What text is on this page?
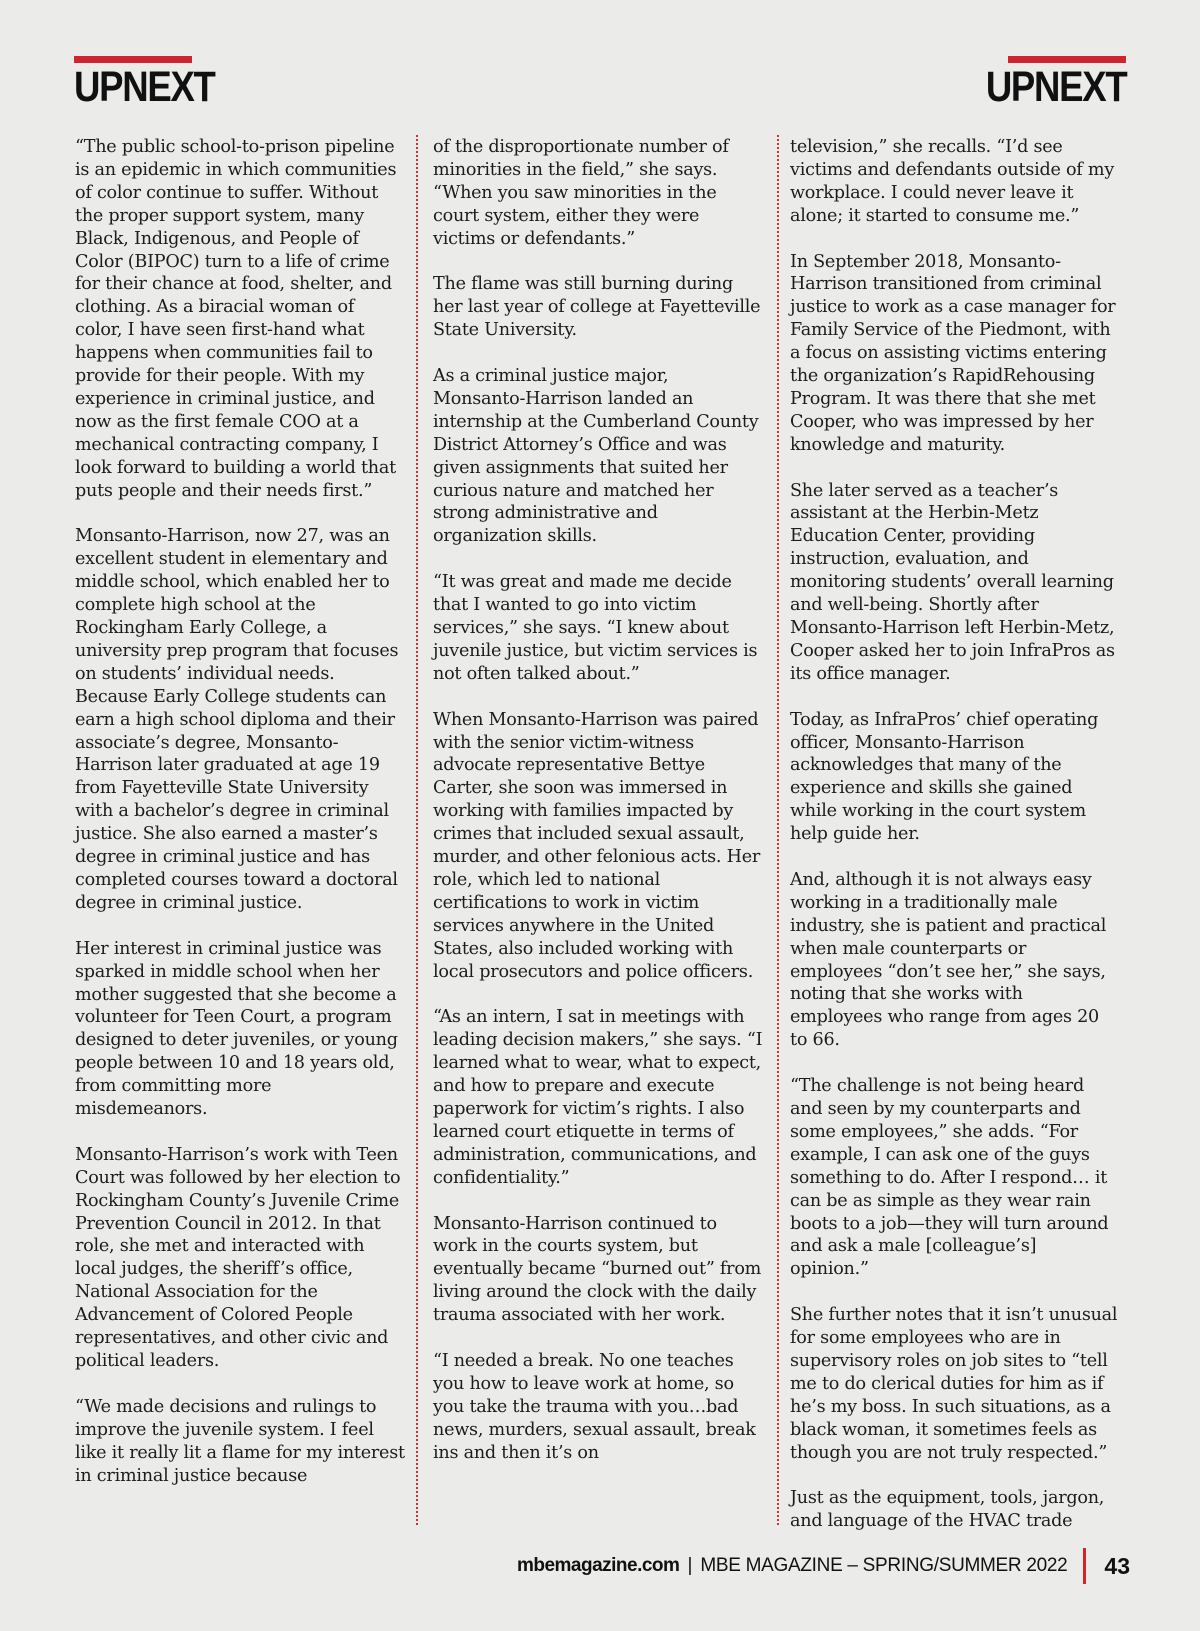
UPNEXT	UPNEXT

“The public school-to-prison pipeline is an epidemic in which communities of color continue to suffer. Without the proper support system, many Black, Indigenous, and People of Color (BIPOC) turn to a life of crime for their chance at food, shelter, and clothing. As a biracial woman of color, I have seen first-hand what happens when communities fail to provide for their people. With my experience in criminal justice, and now as the first female COO at a mechanical contracting company, I look forward to building a world that puts people and their needs first.”

Monsanto-Harrison, now 27, was an excellent student in elementary and middle school, which enabled her to complete high school at the Rockingham Early College, a university prep program that focuses on students’ individual needs. Because Early College students can earn a high school diploma and their associate’s degree, Monsanto-Harrison later graduated at age 19 from Fayetteville State University with a bachelor’s degree in criminal justice. She also earned a master’s degree in criminal justice and has completed courses toward a doctoral degree in criminal justice.

Her interest in criminal justice was sparked in middle school when her mother suggested that she become a volunteer for Teen Court, a program designed to deter juveniles, or young people between 10 and 18 years old, from committing more misdemeanors.

Monsanto-Harrison’s work with Teen Court was followed by her election to Rockingham County’s Juvenile Crime Prevention Council in 2012. In that role, she met and interacted with local judges, the sheriff’s office, National Association for the Advancement of Colored People representatives, and other civic and political leaders.

“We made decisions and rulings to improve the juvenile system. I feel like it really lit a flame for my interest in criminal justice because

of the disproportionate number of minorities in the field,” she says. “When you saw minorities in the court system, either they were victims or defendants.”

The flame was still burning during her last year of college at Fayetteville State University.

As a criminal justice major, Monsanto-Harrison landed an internship at the Cumberland County District Attorney’s Office and was given assignments that suited her curious nature and matched her strong administrative and organization skills.

“It was great and made me decide that I wanted to go into victim services,” she says. “I knew about juvenile justice, but victim services is not often talked about.”

When Monsanto-Harrison was paired with the senior victim-witness advocate representative Bettye Carter, she soon was immersed in working with families impacted by crimes that included sexual assault, murder, and other felonious acts. Her role, which led to national certifications to work in victim services anywhere in the United States, also included working with local prosecutors and police officers.

“As an intern, I sat in meetings with leading decision makers,” she says. “I learned what to wear, what to expect, and how to prepare and execute paperwork for victim’s rights. I also learned court etiquette in terms of administration, communications, and confidentiality.”

Monsanto-Harrison continued to work in the courts system, but eventually became “burned out” from living around the clock with the daily trauma associated with her work.

“I needed a break. No one teaches you how to leave work at home, so you take the trauma with you…bad news, murders, sexual assault, break ins and then it’s on

television,” she recalls. “I’d see victims and defendants outside of my workplace. I could never leave it alone; it started to consume me.”

In September 2018, Monsanto-Harrison transitioned from criminal justice to work as a case manager for Family Service of the Piedmont, with a focus on assisting victims entering the organization’s RapidRehousing Program. It was there that she met Cooper, who was impressed by her knowledge and maturity.

She later served as a teacher’s assistant at the Herbin-Metz Education Center, providing instruction, evaluation, and monitoring students’ overall learning and well-being. Shortly after Monsanto-Harrison left Herbin-Metz, Cooper asked her to join InfraPros as its office manager.

Today, as InfraPros’ chief operating officer, Monsanto-Harrison acknowledges that many of the experience and skills she gained while working in the court system help guide her.

And, although it is not always easy working in a traditionally male industry, she is patient and practical when male counterparts or employees “don’t see her,” she says, noting that she works with employees who range from ages 20 to 66.

“The challenge is not being heard and seen by my counterparts and some employees,” she adds. “For example, I can ask one of the guys something to do. After I respond… it can be as simple as they wear rain boots to a job—they will turn around and ask a male [colleague’s] opinion.”

She further notes that it isn’t unusual for some employees who are in supervisory roles on job sites to “tell me to do clerical duties for him as if he’s my boss. In such situations, as a black woman, it sometimes feels as though you are not truly respected.”

Just as the equipment, tools, jargon, and language of the HVAC trade

mbemagazine.com | MBE MAGAZINE – SPRING/SUMMER 2022 43
